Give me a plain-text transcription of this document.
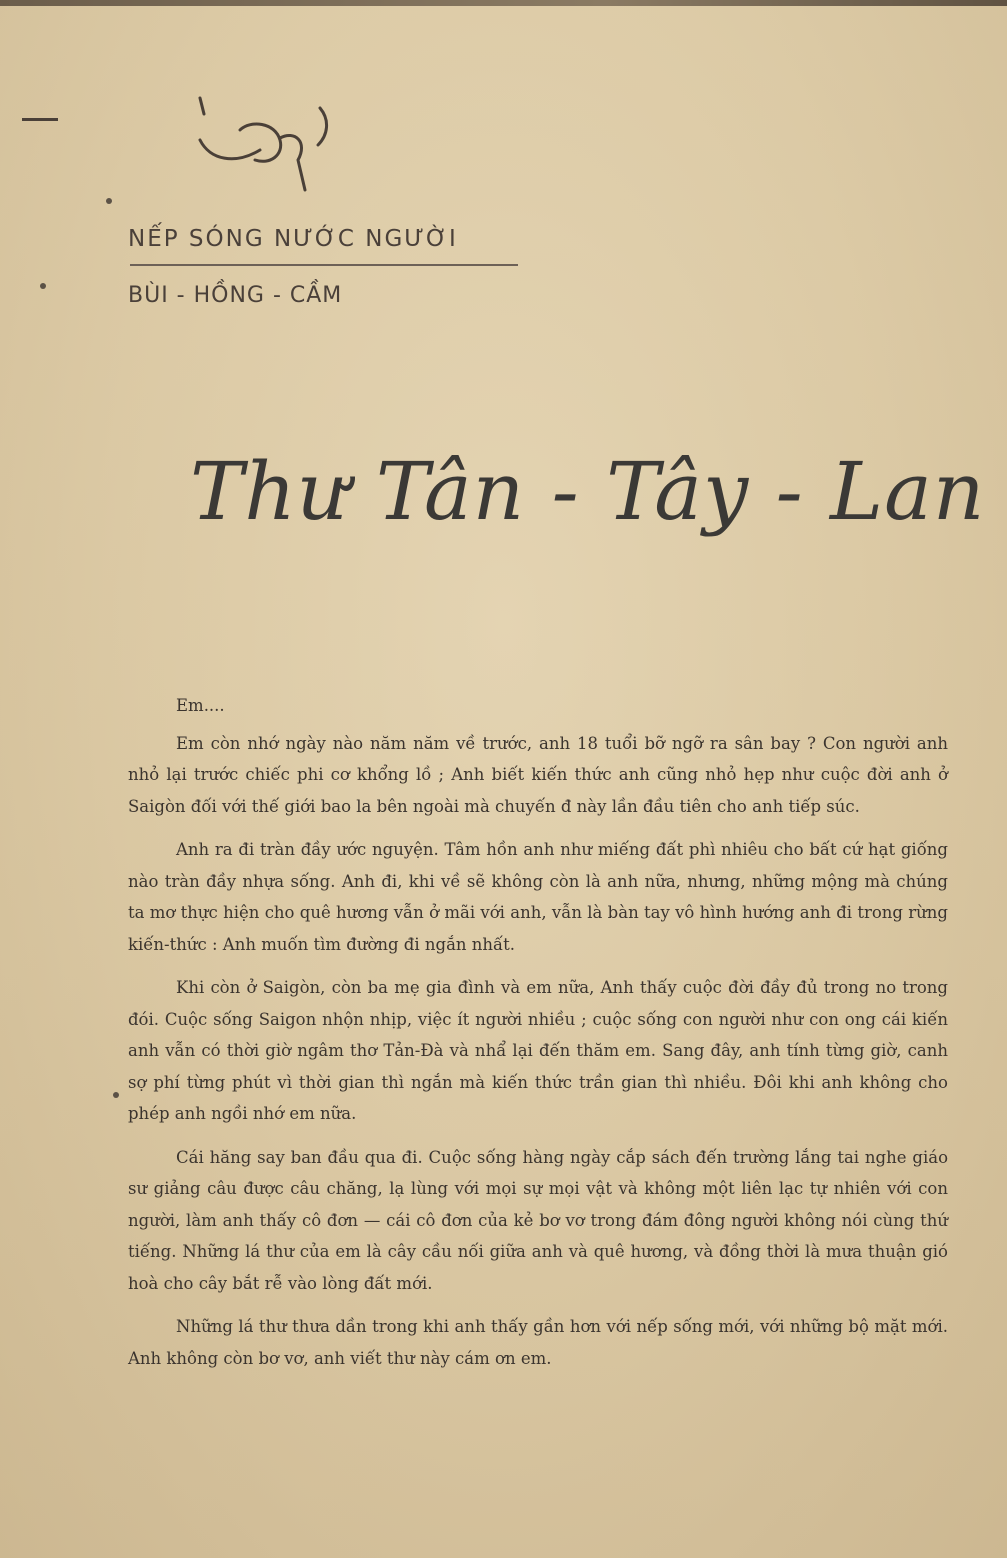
NẾP SÓNG NƯỚC NGƯỜI
BÙI - HỒNG - CẦM
Thư Tân - Tây - Lan

Em....

Em còn nhớ ngày nào năm năm về trước, anh 18 tuổi bỡ ngỡ ra sân bay ? Con người anh nhỏ lại trước chiếc phi cơ khổng lồ ; Anh biết kiến thức anh cũng nhỏ hẹp như cuộc đời anh ở Saigòn đối với thế giới bao la bên ngoài mà chuyến đ này lần đầu tiên cho anh tiếp súc.

Anh ra đi tràn đầy ước nguyện. Tâm hồn anh như miếng đất phì nhiêu cho bất cứ hạt giống nào tràn đầy nhựa sống. Anh đi, khi về sẽ không còn là anh nữa, nhưng, những mộng mà chúng ta mơ thực hiện cho quê hương vẫn ở mãi với anh, vẫn là bàn tay vô hình hướng anh đi trong rừng kiến-thức : Anh muốn tìm đường đi ngắn nhất.

Khi còn ở Saigòn, còn ba mẹ gia đình và em nữa, Anh thấy cuộc đời đầy đủ trong no trong đói. Cuộc sống Saigon nhộn nhịp, việc ít người nhiều ; cuộc sống con người như con ong cái kiến anh vẫn có thời giờ ngâm thơ Tản-Đà và nhẩ lại đến thăm em. Sang đây, anh tính từng giờ, canh sợ phí từng phút vì thời gian thì ngắn mà kiến thức trần gian thì nhiều. Đôi khi anh không cho phép anh ngồi nhớ em nữa.

Cái hăng say ban đầu qua đi. Cuộc sống hàng ngày cắp sách đến trường lắng tai nghe giáo sư giảng câu được câu chăng, lạ lùng với mọi sự mọi vật và không một liên lạc tự nhiên với con người, làm anh thấy cô đơn — cái cô đơn của kẻ bơ vơ trong đám đông người không nói cùng thứ tiếng. Những lá thư của em là cây cầu nối giữa anh và quê hương, và đồng thời là mưa thuận gió hoà cho cây bắt rễ vào lòng đất mới.

Những lá thư thưa dần trong khi anh thấy gần hơn với nếp sống mới, với những bộ mặt mới. Anh không còn bơ vơ, anh viết thư này cám ơn em.
